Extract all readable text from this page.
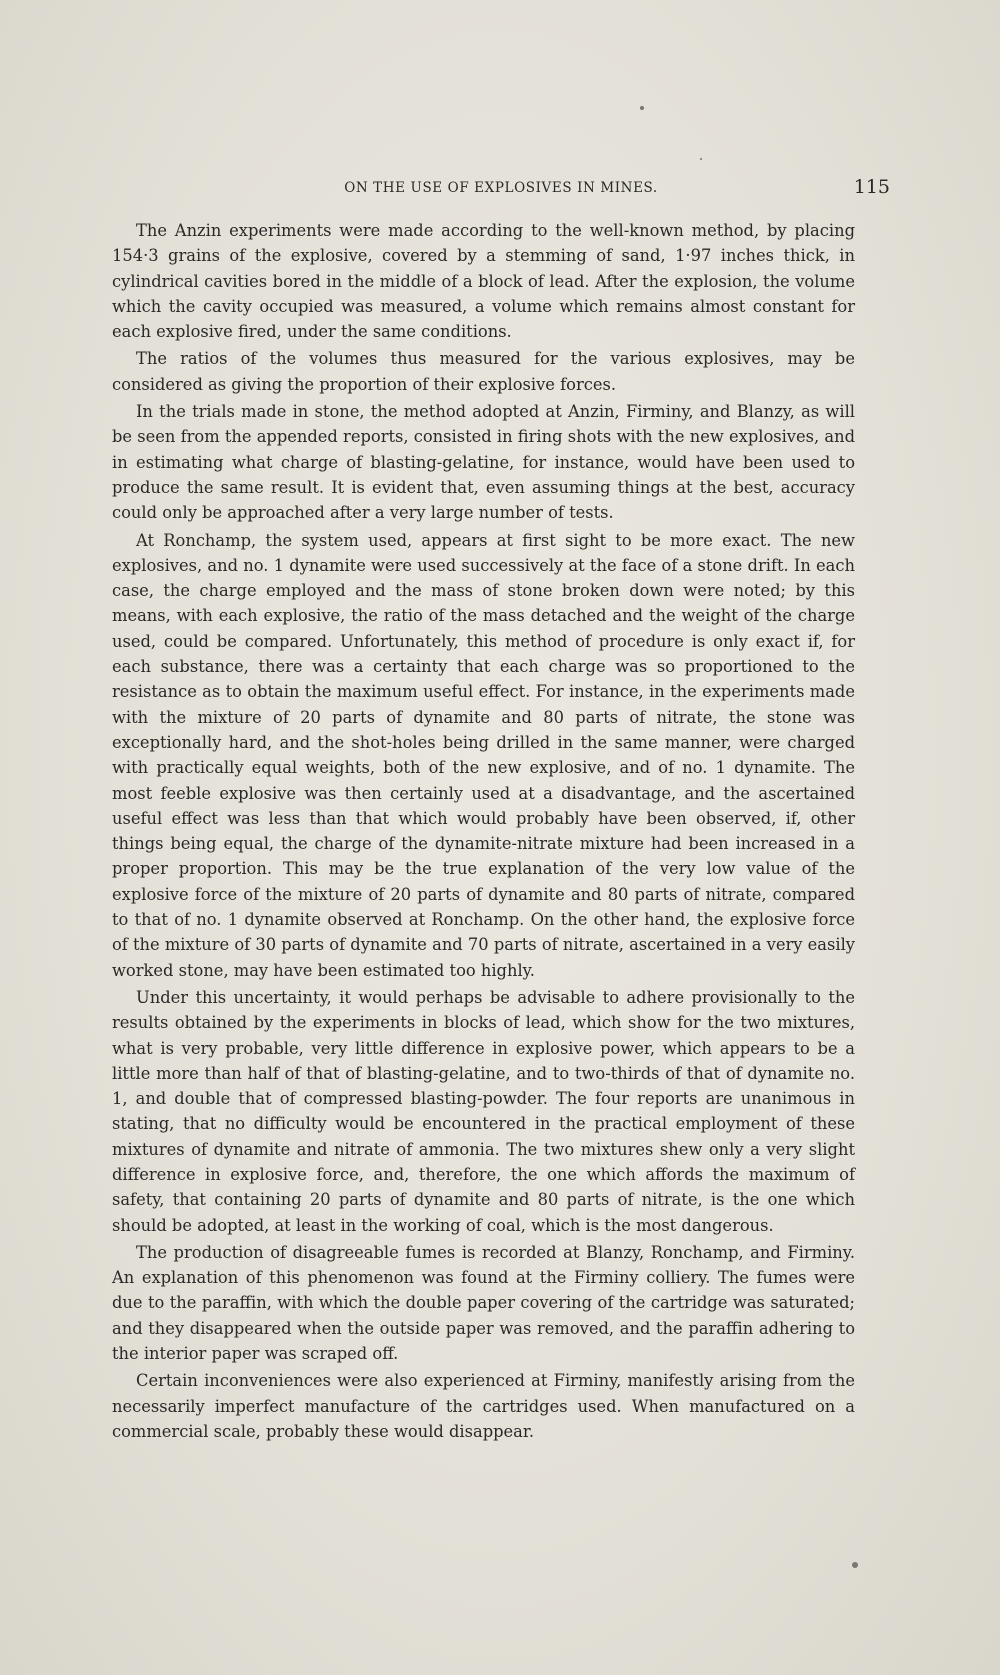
ON THE USE OF EXPLOSIVES IN MINES.	115

The Anzin experiments were made according to the well-known method, by placing 154·3 grains of the explosive, covered by a stemming of sand, 1·97 inches thick, in cylindrical cavities bored in the middle of a block of lead. After the explosion, the volume which the cavity occupied was measured, a volume which remains almost constant for each explosive fired, under the same conditions.

The ratios of the volumes thus measured for the various explosives, may be considered as giving the proportion of their explosive forces.

In the trials made in stone, the method adopted at Anzin, Firminy, and Blanzy, as will be seen from the appended reports, consisted in firing shots with the new explosives, and in estimating what charge of blasting-gelatine, for instance, would have been used to produce the same result. It is evident that, even assuming things at the best, accuracy could only be approached after a very large number of tests.

At Ronchamp, the system used, appears at first sight to be more exact. The new explosives, and no. 1 dynamite were used successively at the face of a stone drift. In each case, the charge employed and the mass of stone broken down were noted; by this means, with each explosive, the ratio of the mass detached and the weight of the charge used, could be compared. Unfortunately, this method of procedure is only exact if, for each substance, there was a certainty that each charge was so proportioned to the resistance as to obtain the maximum useful effect. For instance, in the experiments made with the mixture of 20 parts of dynamite and 80 parts of nitrate, the stone was exceptionally hard, and the shot-holes being drilled in the same manner, were charged with practically equal weights, both of the new explosive, and of no. 1 dynamite. The most feeble explosive was then certainly used at a disadvantage, and the ascertained useful effect was less than that which would probably have been observed, if, other things being equal, the charge of the dynamite-nitrate mixture had been increased in a proper proportion. This may be the true explanation of the very low value of the explosive force of the mixture of 20 parts of dynamite and 80 parts of nitrate, compared to that of no. 1 dynamite observed at Ronchamp. On the other hand, the explosive force of the mixture of 30 parts of dynamite and 70 parts of nitrate, ascertained in a very easily worked stone, may have been estimated too highly.

Under this uncertainty, it would perhaps be advisable to adhere provisionally to the results obtained by the experiments in blocks of lead, which show for the two mixtures, what is very probable, very little difference in explosive power, which appears to be a little more than half of that of blasting-gelatine, and to two-thirds of that of dynamite no. 1, and double that of compressed blasting-powder. The four reports are unanimous in stating, that no difficulty would be encountered in the practical employment of these mixtures of dynamite and nitrate of ammonia. The two mixtures shew only a very slight difference in explosive force, and, therefore, the one which affords the maximum of safety, that containing 20 parts of dynamite and 80 parts of nitrate, is the one which should be adopted, at least in the working of coal, which is the most dangerous.

The production of disagreeable fumes is recorded at Blanzy, Ronchamp, and Firminy. An explanation of this phenomenon was found at the Firminy colliery. The fumes were due to the paraffin, with which the double paper covering of the cartridge was saturated; and they disappeared when the outside paper was removed, and the paraffin adhering to the interior paper was scraped off.

Certain inconveniences were also experienced at Firminy, manifestly arising from the necessarily imperfect manufacture of the cartridges used. When manufactured on a commercial scale, probably these would disappear.
